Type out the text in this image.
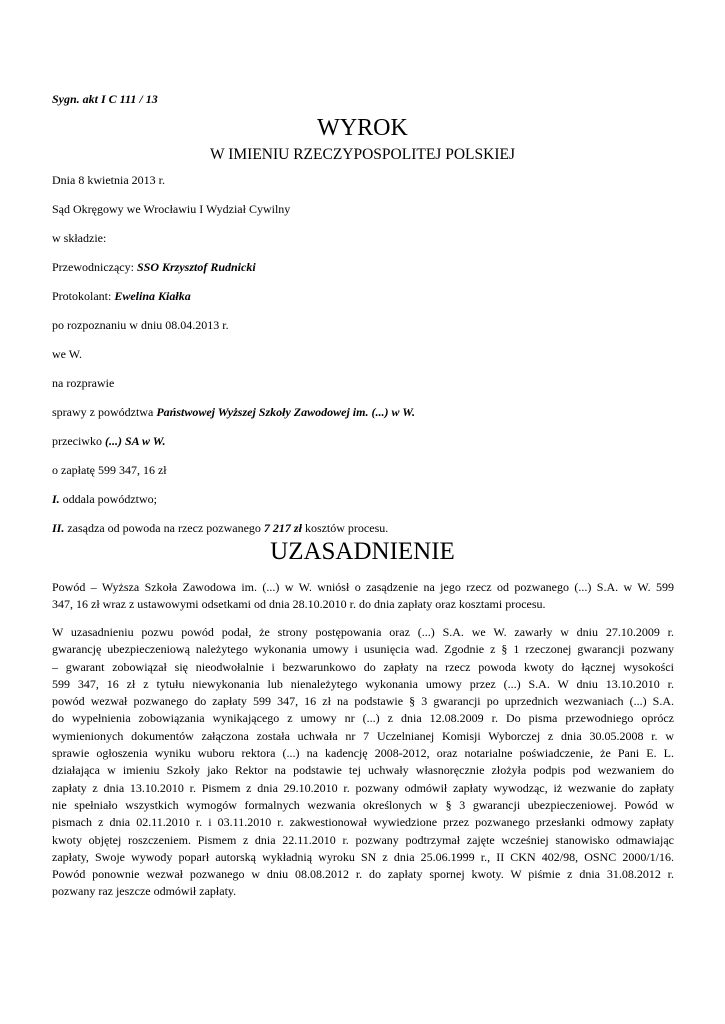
Sygn. akt I C 111 / 13
WYROK
W IMIENIU RZECZYPOSPOLITEJ POLSKIEJ
Dnia 8 kwietnia 2013 r.
Sąd Okręgowy we Wrocławiu I Wydział Cywilny
w składzie:
Przewodniczący: SSO Krzysztof Rudnicki
Protokolant: Ewelina Kiałka
po rozpoznaniu w dniu 08.04.2013 r.
we W.
na rozprawie
sprawy z powództwa Państwowej Wyższej Szkoły Zawodowej im. (...) w W.
przeciwko (...) SA w W.
o zapłatę 599 347, 16 zł
I. oddala powództwo;
II. zasądza od powoda na rzecz pozwanego 7 217 zł kosztów procesu.
UZASADNIENIE
Powód – Wyższa Szkoła Zawodowa im. (...) w W. wniósł o zasądzenie na jego rzecz od pozwanego (...) S.A. w W. 599
347, 16 zł wraz z ustawowymi odsetkami od dnia 28.10.2010 r. do dnia zapłaty oraz kosztami procesu.
W uzasadnieniu pozwu powód podał, że strony postępowania oraz (...) S.A. we W. zawarły w dniu 27.10.2009 r.
gwarancję ubezpieczeniową należytego wykonania umowy i usunięcia wad. Zgodnie z § 1 rzeczonej gwarancji pozwany
– gwarant zobowiązał się nieodwołalnie i bezwarunkowo do zapłaty na rzecz powoda kwoty do łącznej wysokości
599 347, 16 zł z tytułu niewykonania lub nienależytego wykonania umowy przez (...) S.A. W dniu 13.10.2010 r.
powód wezwał pozwanego do zapłaty 599 347, 16 zł na podstawie § 3 gwarancji po uprzednich wezwaniach (...) S.A.
do wypełnienia zobowiązania wynikającego z umowy nr (...) z dnia 12.08.2009 r. Do pisma przewodniego oprócz
wymienionych dokumentów załączona została uchwała nr 7 Uczelnianej Komisji Wyborczej z dnia 30.05.2008 r. w
sprawie ogłoszenia wyniku wuboru rektora (...) na kadencję 2008-2012, oraz notarialne poświadczenie, że Pani E. L.
działająca w imieniu Szkoły jako Rektor na podstawie tej uchwały własnoręcznie złożyła podpis pod wezwaniem do
zapłaty z dnia 13.10.2010 r. Pismem z dnia 29.10.2010 r. pozwany odmówił zapłaty wywodząc, iż wezwanie do zapłaty
nie spełniało wszystkich wymogów formalnych wezwania określonych w § 3 gwarancji ubezpieczeniowej. Powód w
pismach z dnia 02.11.2010 r. i 03.11.2010 r. zakwestionował wywiedzione przez pozwanego przesłanki odmowy zapłaty
kwoty objętej roszczeniem. Pismem z dnia 22.11.2010 r. pozwany podtrzymał zajęte wcześniej stanowisko odmawiając
zapłaty, Swoje wywody poparł autorską wykładnią wyroku SN z dnia 25.06.1999 r., II CKN 402/98, OSNC 2000/1/16.
Powód ponownie wezwał pozwanego w dniu 08.08.2012 r. do zapłaty spornej kwoty. W piśmie z dnia 31.08.2012 r.
pozwany raz jeszcze odmówił zapłaty.
